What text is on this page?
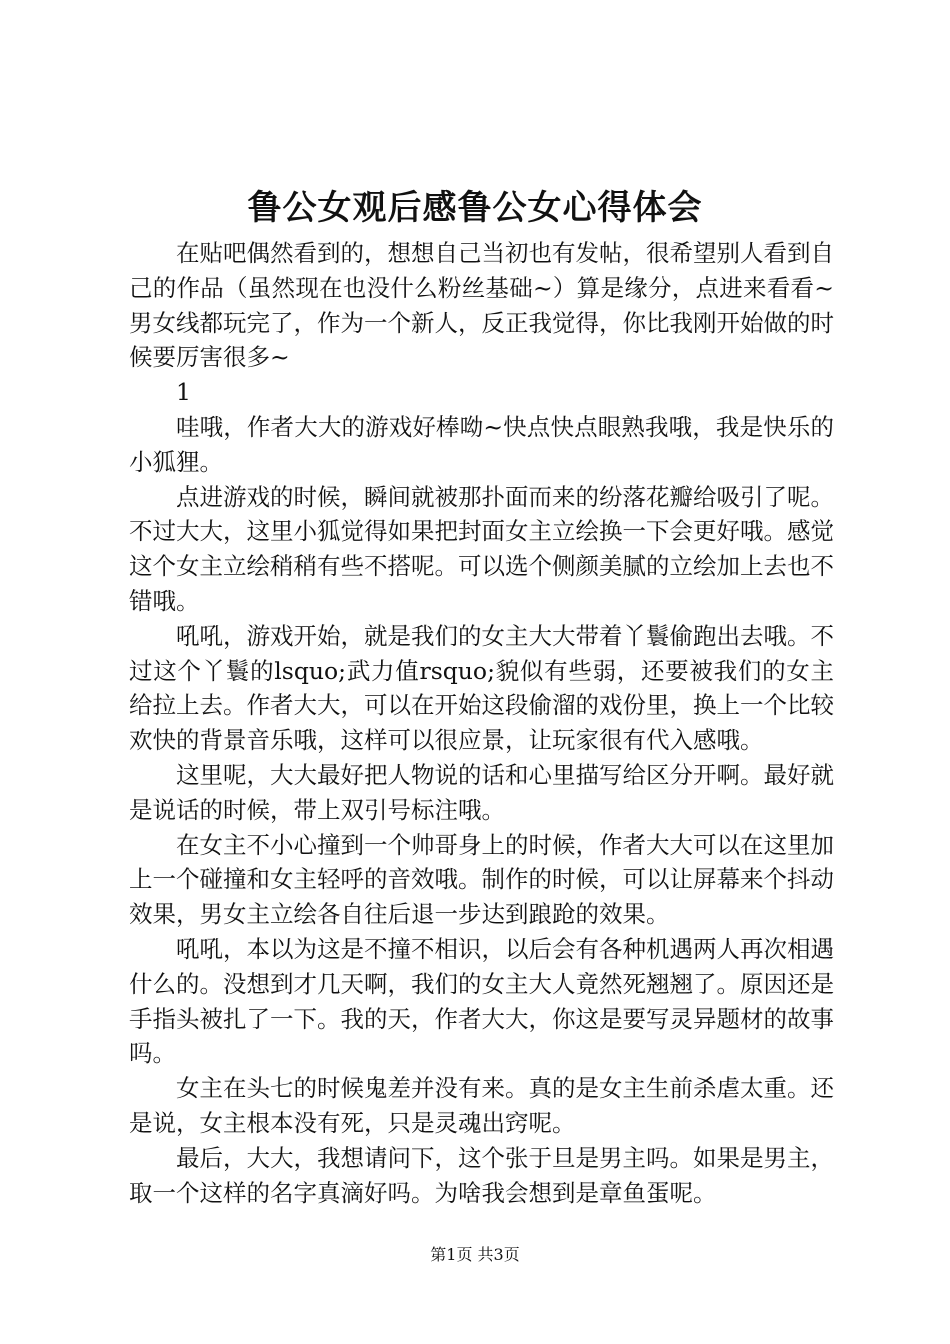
鲁公女观后感鲁公女心得体会

在贴吧偶然看到的，想想自己当初也有发帖，很希望别人看到自己的作品（虽然现在也没什么粉丝基础~）算是缘分，点进来看看~男女线都玩完了，作为一个新人，反正我觉得，你比我刚开始做的时候要厉害很多~

1

哇哦，作者大大的游戏好棒呦~快点快点眼熟我哦，我是快乐的小狐狸。

点进游戏的时候，瞬间就被那扑面而来的纷落花瓣给吸引了呢。不过大大，这里小狐觉得如果把封面女主立绘换一下会更好哦。感觉这个女主立绘稍稍有些不搭呢。可以选个侧颜美腻的立绘加上去也不错哦。

吼吼，游戏开始，就是我们的女主大大带着丫鬟偷跑出去哦。不过这个丫鬟的lsquo;武力值rsquo;貌似有些弱，还要被我们的女主给拉上去。作者大大，可以在开始这段偷溜的戏份里，换上一个比较欢快的背景音乐哦，这样可以很应景，让玩家很有代入感哦。

这里呢，大大最好把人物说的话和心里描写给区分开啊。最好就是说话的时候，带上双引号标注哦。

在女主不小心撞到一个帅哥身上的时候，作者大大可以在这里加上一个碰撞和女主轻呼的音效哦。制作的时候，可以让屏幕来个抖动效果，男女主立绘各自往后退一步达到踉跄的效果。

吼吼，本以为这是不撞不相识，以后会有各种机遇两人再次相遇什么的。没想到才几天啊，我们的女主大人竟然死翘翘了。原因还是手指头被扎了一下。我的天，作者大大，你这是要写灵异题材的故事吗。

女主在头七的时候鬼差并没有来。真的是女主生前杀虐太重。还是说，女主根本没有死，只是灵魂出窍呢。

最后，大大，我想请问下，这个张于旦是男主吗。如果是男主，取一个这样的名字真滴好吗。为啥我会想到是章鱼蛋呢。

第1页 共3页
